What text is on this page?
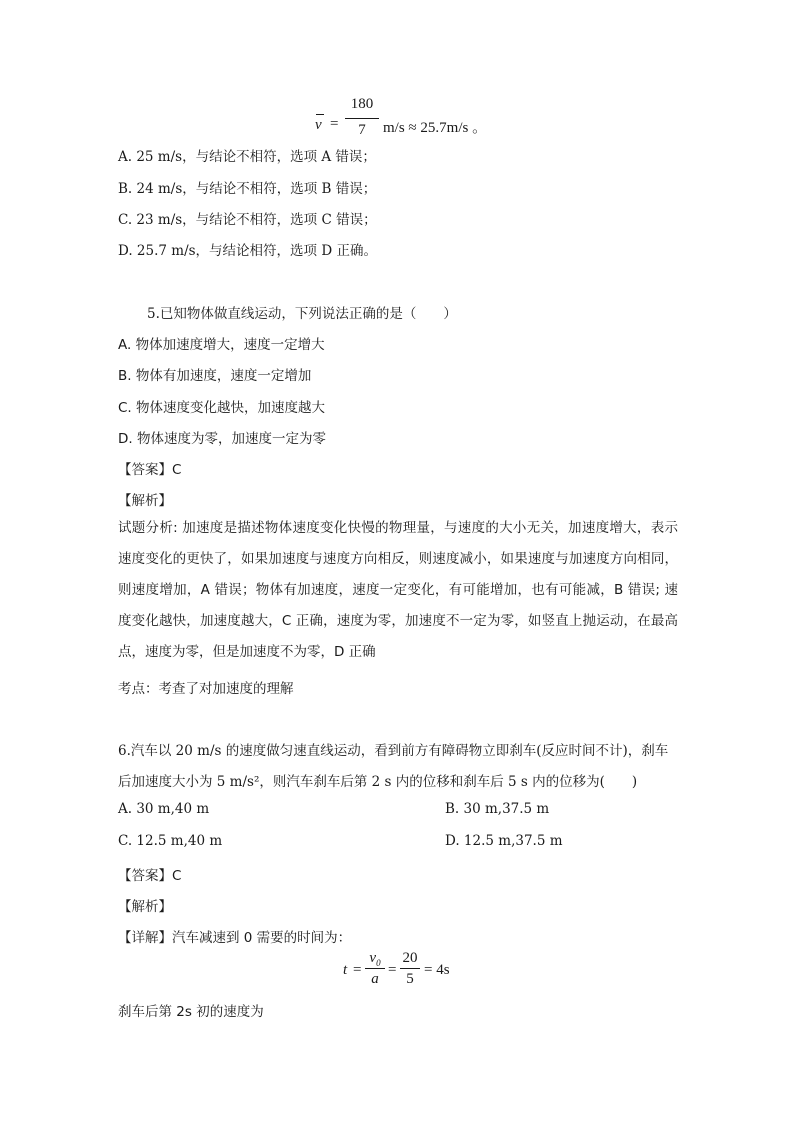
v =
180
7	m/s ≈ 25.7m/s 。
A. 25 m/s，与结论不相符，选项 A 错误；
B. 24 m/s，与结论不相符，选项 B 错误；
C. 23 m/s，与结论不相符，选项 C 错误；
D. 25.7 m/s，与结论相符，选项 D 正确。
5.已知物体做直线运动，下列说法正确的是（　　）
A. 物体加速度增大，速度一定增大
B. 物体有加速度，速度一定增加
C. 物体速度变化越快，加速度越大
D. 物体速度为零，加速度一定为零
【答案】C
【解析】
试题分析: 加速度是描述物体速度变化快慢的物理量，与速度的大小无关，加速度增大，表示速度变化的更快了，如果加速度与速度方向相反，则速度减小，如果速度与加速度方向相同，则速度增加，A 错误；物体有加速度，速度一定变化，有可能增加，也有可能减，B 错误; 速度变化越快，加速度越大，C 正确，速度为零，加速度不一定为零，如竖直上抛运动，在最高点，速度为零，但是加速度不为零，D 正确
考点：考查了对加速度的理解
6.汽车以 20 m/s 的速度做匀速直线运动，看到前方有障碍物立即刹车(反应时间不计)，刹车
后加速度大小为 5 m/s²，则汽车刹车后第 2 s 内的位移和刹车后 5 s 内的位移为(　　)
A. 30 m,40 m	B. 30 m,37.5 m
C. 12.5 m,40 m	D. 12.5 m,37.5 m
【答案】C
【解析】
【详解】汽车减速到 0 需要的时间为：
t =
$v_0$
a
=
20
5
= 4s
刹车后第 2s 初的速度为
